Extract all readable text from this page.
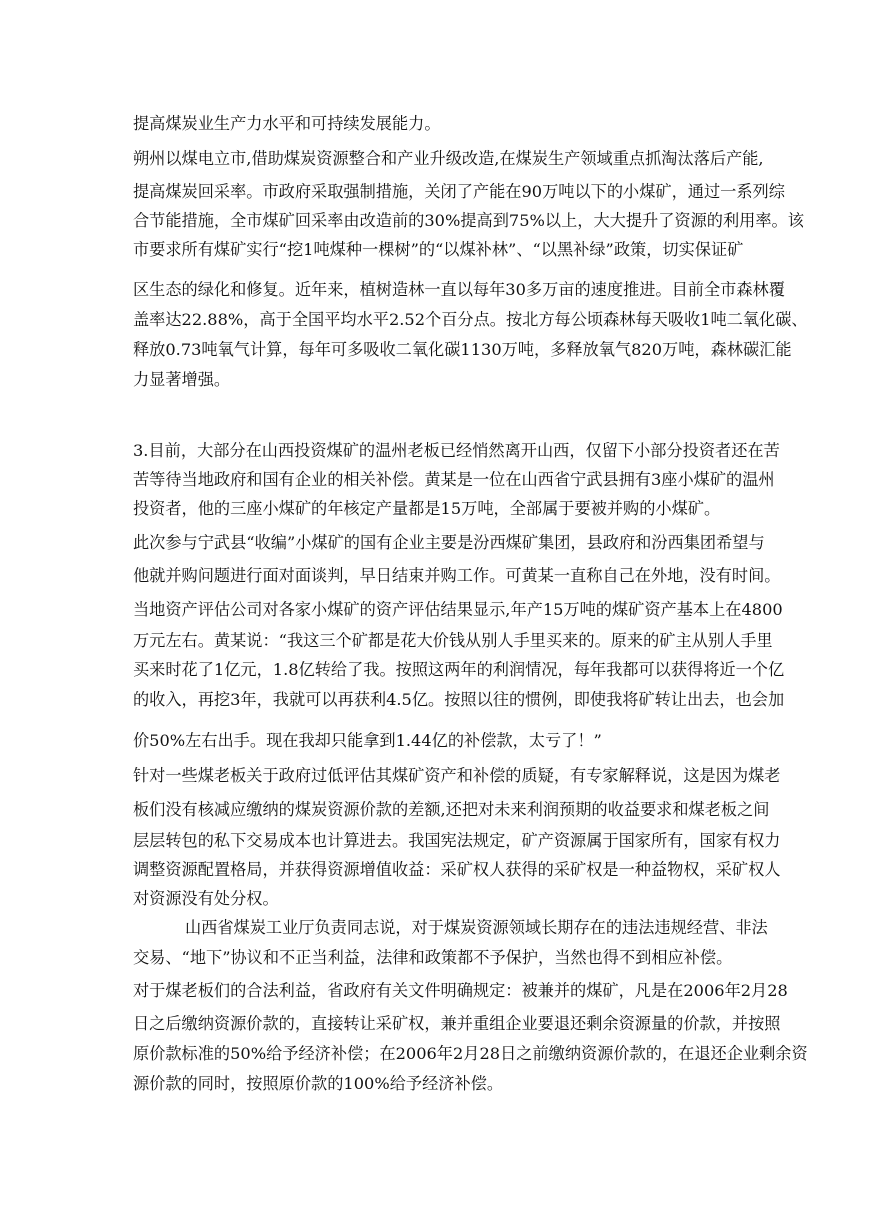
提高煤炭业生产力水平和可持续发展能力。
朔州以煤电立市,借助煤炭资源整合和产业升级改造,在煤炭生产领域重点抓淘汰落后产能,
提高煤炭回采率。市政府采取强制措施，关闭了产能在90万吨以下的小煤矿，通过一系列综
合节能措施，全市煤矿回采率由改造前的30%提高到75%以上，大大提升了资源的利用率。该
市要求所有煤矿实行“挖1吨煤种一棵树”的“以煤补林”、“以黑补绿”政策，切实保证矿
区生态的绿化和修复。近年来，植树造林一直以每年30多万亩的速度推进。目前全市森林覆
盖率达22.88%，高于全国平均水平2.52个百分点。按北方每公顷森林每天吸收1吨二氧化碳、
释放0.73吨氧气计算，每年可多吸收二氧化碳1130万吨，多释放氧气820万吨，森林碳汇能
力显著增强。
3.目前，大部分在山西投资煤矿的温州老板已经悄然离开山西，仅留下小部分投资者还在苦
苦等待当地政府和国有企业的相关补偿。黄某是一位在山西省宁武县拥有3座小煤矿的温州
投资者，他的三座小煤矿的年核定产量都是15万吨，全部属于要被并购的小煤矿。
此次参与宁武县“收编”小煤矿的国有企业主要是汾西煤矿集团，县政府和汾西集团希望与
他就并购问题进行面对面谈判，早日结束并购工作。可黄某一直称自己在外地，没有时间。
当地资产评估公司对各家小煤矿的资产评估结果显示,年产15万吨的煤矿资产基本上在4800
万元左右。黄某说：“我这三个矿都是花大价钱从别人手里买来的。原来的矿主从别人手里
买来时花了1亿元，1.8亿转给了我。按照这两年的利润情况，每年我都可以获得将近一个亿
的收入，再挖3年，我就可以再获利4.5亿。按照以往的惯例，即使我将矿转让出去，也会加
价50%左右出手。现在我却只能拿到1.44亿的补偿款，太亏了！”
针对一些煤老板关于政府过低评估其煤矿资产和补偿的质疑，有专家解释说，这是因为煤老
板们没有核减应缴纳的煤炭资源价款的差额,还把对未来利润预期的收益要求和煤老板之间
层层转包的私下交易成本也计算进去。我国宪法规定，矿产资源属于国家所有，国家有权力
调整资源配置格局，并获得资源增值收益：采矿权人获得的采矿权是一种益物权，采矿权人
对资源没有处分权。
山西省煤炭工业厅负责同志说，对于煤炭资源领域长期存在的违法违规经营、非法
交易、“地下”协议和不正当利益，法律和政策都不予保护，当然也得不到相应补偿。
对于煤老板们的合法利益，省政府有关文件明确规定：被兼并的煤矿，凡是在2006年2月28
日之后缴纳资源价款的，直接转让采矿权，兼并重组企业要退还剩余资源量的价款，并按照
原价款标准的50%给予经济补偿；在2006年2月28日之前缴纳资源价款的，在退还企业剩余资
源价款的同时，按照原价款的100%给予经济补偿。
